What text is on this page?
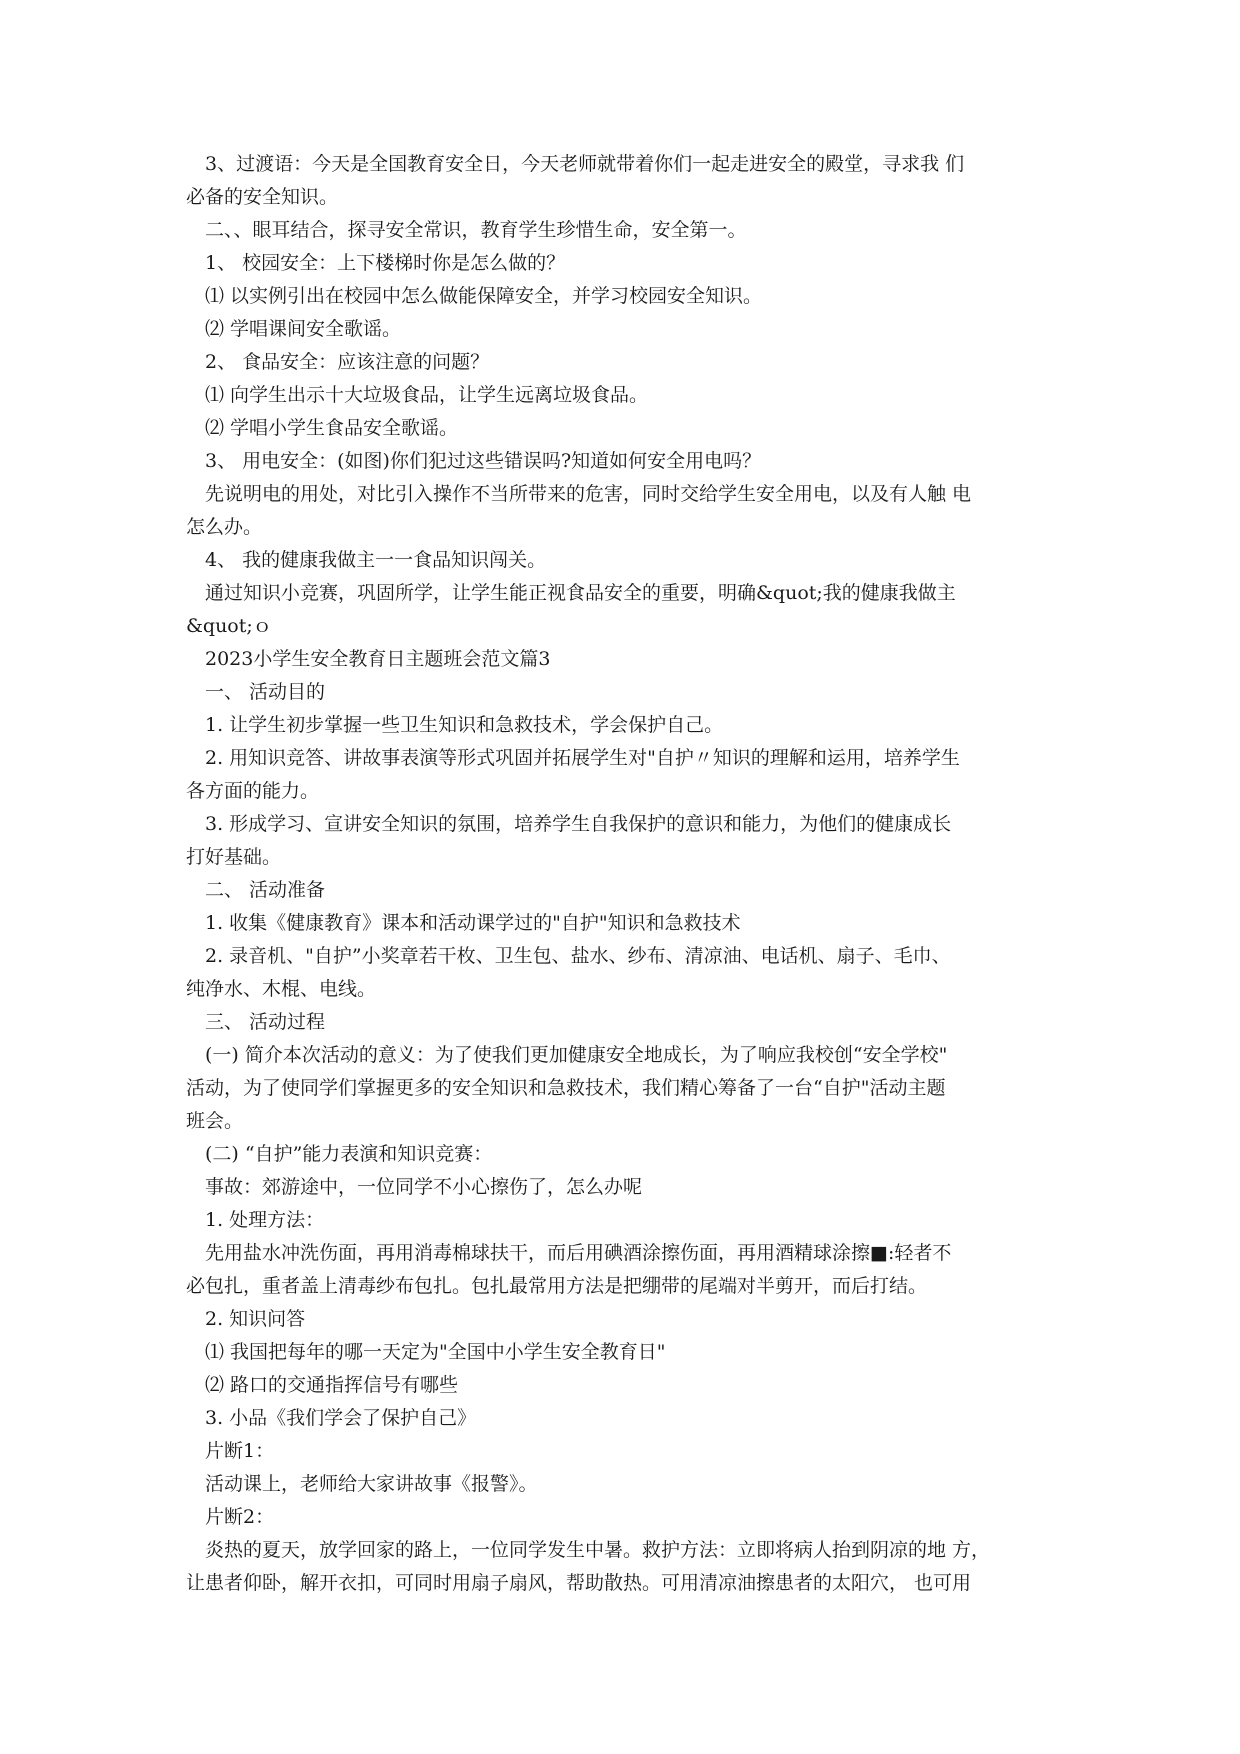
　3、过渡语：今天是全国教育安全日，今天老师就带着你们一起走进安全的殿堂，寻求我 们
必备的安全知识。
　二、、眼耳结合，探寻安全常识，教育学生珍惜生命，安全第一。
　1、 校园安全：上下楼梯时你是怎么做的？
　⑴ 以实例引出在校园中怎么做能保障安全，并学习校园安全知识。
　⑵ 学唱课间安全歌谣。
　2、 食品安全：应该注意的问题？
　⑴ 向学生出示十大垃圾食品，让学生远离垃圾食品。
　⑵ 学唱小学生食品安全歌谣。
　3、 用电安全：(如图)你们犯过这些错误吗?知道如何安全用电吗？
　先说明电的用处，对比引入操作不当所带来的危害，同时交给学生安全用电，以及有人触 电
怎么办。
　4、 我的健康我做主一一食品知识闯关。
　通过知识小竞赛，巩固所学，让学生能正视食品安全的重要，明确&quot;我的健康我做主
&quot;ｏ
　2023小学生安全教育日主题班会范文篇3
　一、 活动目的
　1. 让学生初步掌握一些卫生知识和急救技术，学会保护自己。
　2. 用知识竞答、讲故事表演等形式巩固并拓展学生对"自护〃知识的理解和运用，培养学生
各方面的能力。
　3. 形成学习、宣讲安全知识的氛围，培养学生自我保护的意识和能力，为他们的健康成长
打好基础。
　二、 活动准备
　1. 收集《健康教育》课本和活动课学过的"自护"知识和急救技术
　2. 录音机、"自护”小奖章若干枚、卫生包、盐水、纱布、清凉油、电话机、扇子、毛巾、
纯净水、木棍、电线。
　三、 活动过程
　(一) 简介本次活动的意义：为了使我们更加健康安全地成长，为了响应我校创“安全学校"
活动，为了使同学们掌握更多的安全知识和急救技术，我们精心筹备了一台“自护"活动主题
班会。
　(二) “自护”能力表演和知识竞赛：
　事故：郊游途中，一位同学不小心擦伤了，怎么办呢
　1. 处理方法：
　先用盐水冲洗伤面，再用消毒棉球扶干，而后用碘酒涂擦伤面，再用酒精球涂擦■:轻者不
必包扎，重者盖上清毒纱布包扎。包扎最常用方法是把绷带的尾端对半剪开，而后打结。
　2. 知识问答
　⑴ 我国把每年的哪一天定为"全国中小学生安全教育日"
　⑵ 路口的交通指挥信号有哪些
　3. 小品《我们学会了保护自己》
　片断1：
　活动课上，老师给大家讲故事《报警》。
　片断2：
　炎热的夏天，放学回家的路上，一位同学发生中暑。救护方法：立即将病人抬到阴凉的地 方，
让患者仰卧，解开衣扣，可同时用扇子扇风，帮助散热。可用清凉油擦患者的太阳穴， 也可用
